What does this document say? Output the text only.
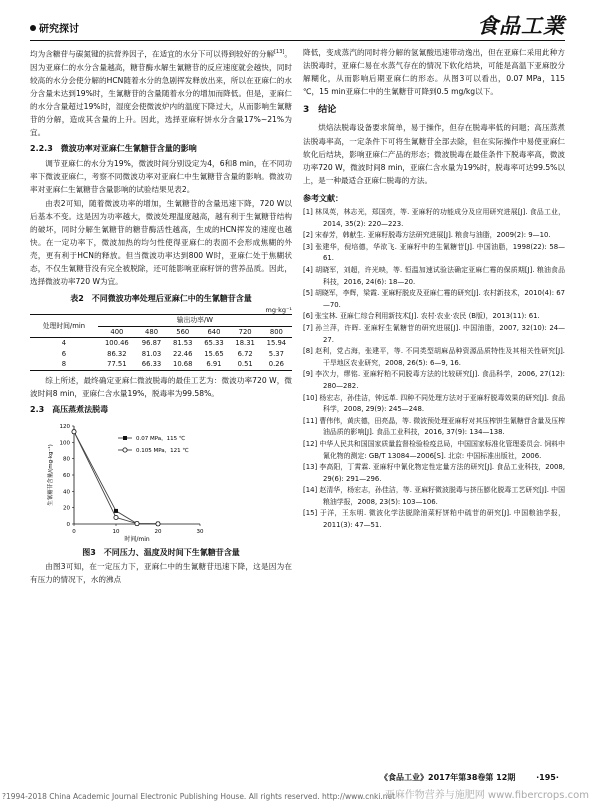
研究探讨	食品工業

均为含糖苷与碳氮键的抗营养因子，在适宜的水分下可以得到较好的分解[13]。因为亚麻仁的水分含量越高，糖苷酶水解生氰糖苷的反应速度就会越快，同时较高的水分会使分解的HCN随着水分的急剧挥发释放出来，所以在亚麻仁的水分含量未达到19%时，生氰糖苷的含量随着水分的增加而降低。但是，亚麻仁的水分含量超过19%时，湿度会使微波炉内的温度下降过大，从而影响生氰糖苷的分解，造成其含量的上升。因此，选择亚麻籽饼水分含量17%~21%为宜。

2.2.3　微波功率对亚麻仁生氰糖苷含量的影响

调节亚麻仁的水分为19%，微波时间分别设定为4，6和8 min，在不同功率下微波亚麻仁，考察不同微波功率对亚麻仁中生氰糖苷含量的影响。微波功率对亚麻仁生氰糖苷含量影响的试验结果见表2。

由表2可知，随着微波功率的增加，生氰糖苷的含量迅速下降，720 W以后基本不变。这是因为功率越大，微波处理温度越高，越有利于生氰糖苷结构的破坏，同时分解生氰糖苷的糖苷酶活性越高，生成的HCN挥发的速度也越快。在一定功率下，微波加热的均匀性使得亚麻仁的表面不会形成焦糊的外壳，更有利于HCN的释放。但当微波功率达到800 W时，亚麻仁处于焦糊状态，不仅生氰糖苷没有完全被脱除，还可能影响亚麻籽饼的营养品质。因此，选择微波功率720 W为宜。

表2　不同微波功率处理后亚麻仁中的生氰糖苷含量

mg·kg⁻¹
处理时间/min	输出功率/W					
	400	480	560	640	720	800
4	100.46	96.87	81.53	65.33	18.31	15.94
6	86.32	81.03	22.46	15.65	6.72	5.37
8	77.51	66.33	10.68	6.91	0.51	0.26

综上所述，最终确定亚麻仁微波脱毒的最佳工艺为：微波功率720 W，微波时间8 min，亚麻仁含水量19%，脱毒率为99.58%。

2.3　高压蒸煮法脱毒

0
20
40
60
80
100
120
0	10	20	30
时间/min
生氰糖苷含量/(mg·kg⁻¹)
0.07 MPa，115 ℃
0.105 MPa，121 ℃

图3　不同压力、温度及时间下生氰糖苷含量

由图3可知，在一定压力下，亚麻仁中的生氰糖苷迅速下降，这是因为在有压力的情况下，水的沸点

降低，变成蒸汽的同时将分解的氢氰酸迅速带动逸出，但在亚麻仁采用此种方法脱毒时，亚麻仁易在水蒸气存在的情况下软化结块，可能是高温下亚麻胶分解糊化，从而影响后期亚麻仁的形态。从图3可以看出，0.07 MPa，115 ℃，15 min亚麻仁中的生氰糖苷可降到0.5 mg/kg以下。

3　结论

烘焙法脱毒设备要求简单，易于操作，但存在脱毒率低的问题；高压蒸煮法脱毒率高，一定条件下可将生氰糖苷全部去除，但在实际操作中易使亚麻仁软化后结块，影响亚麻仁产品的形态；微波脱毒在最佳条件下脱毒率高，微波功率720 W，微波时间8 min，亚麻仁含水量为19%时，脱毒率可达99.5%以上，是一种最适合亚麻仁脱毒的方法。

参考文献：

[1] 林凤英，林志光，郑国亮，等. 亚麻籽的功能成分及应用研究进展[J]. 食品工业，2014, 35(2): 220—223.
[2] 宋春芳，韩献生. 亚麻籽脱毒方法研究进展[J]. 粮食与油脂，2009(2): 9—10.
[3] 张建华，倪培德，华欲飞. 亚麻籽中的生氰糖苷[J]. 中国油脂，1998(22): 58—61.
[4] 胡晓军，刘超，许光映，等. 恒温加速试验法确定亚麻仁霉的保质期[J]. 粮油食品科技，2016, 24(6): 18—20.
[5] 胡晓军，李辉，梁霞. 亚麻籽脱皮及亚麻仁霉的研究[J]. 农村新技术，2010(4): 67—70.
[6] 张宝林. 亚麻仁综合利用新技术[J]. 农村·农业·农民 (B版)，2013(11): 61.
[7] 孙兰萍，许晖. 亚麻籽生氰糖苷的研究进展[J]. 中国油脂，2007, 32(10): 24—27.
[8] 赵利，党占海，张建平，等. 不同类型胡麻品种资源品质特性及其相关性研究[J]. 干旱地区农业研究，2008, 26(5): 6—9, 16.
[9] 李次力，缪铭. 亚麻籽粕不同脱毒方法的比较研究[J]. 食品科学，2006, 27(12): 280—282.
[10] 杨宏志，孙佳洁，钟远革. 四种不同处理方法对于亚麻籽脱毒效果的研究[J]. 食品科学，2008, 29(9): 245—248.
[11] 曹伟伟，黄庆德，田亮晶，等. 微波预处理亚麻籽对其压榨饼生氰糖苷含量及压榨油品质的影响[J]. 食品工业科技，2016, 37(9): 134—138.
[12] 中华人民共和国国家质量监督检验检疫总局，中国国家标准化管理委员会. 饲料中氰化物的测定: GB/T 13084—2006[S]. 北京: 中国标准出版社，2006.
[13] 李高阳，丁霄霖. 亚麻籽中氰化物定性定量方法的研究[J]. 食品工业科技，2008, 29(6): 291—296.
[14] 赵清华，杨宏志，孙佳洁，等. 亚麻籽微波脱毒与挤压膨化脱毒工艺研究[J]. 中国粮油学报，2008, 23(5): 103—106.
[15] 于洋，王东明. 微波化学法脱除油菜籽饼粕中硫苷的研究[J]. 中国粮油学报，2011(3): 47—51.
《食品工业》2017年第38卷第 12期	·195·
?1994-2018 China Academic Journal Electronic Publishing House. All rights reserved. http://www.cnki.net
亚麻作物营养与施肥网 www.fibercrops.com
